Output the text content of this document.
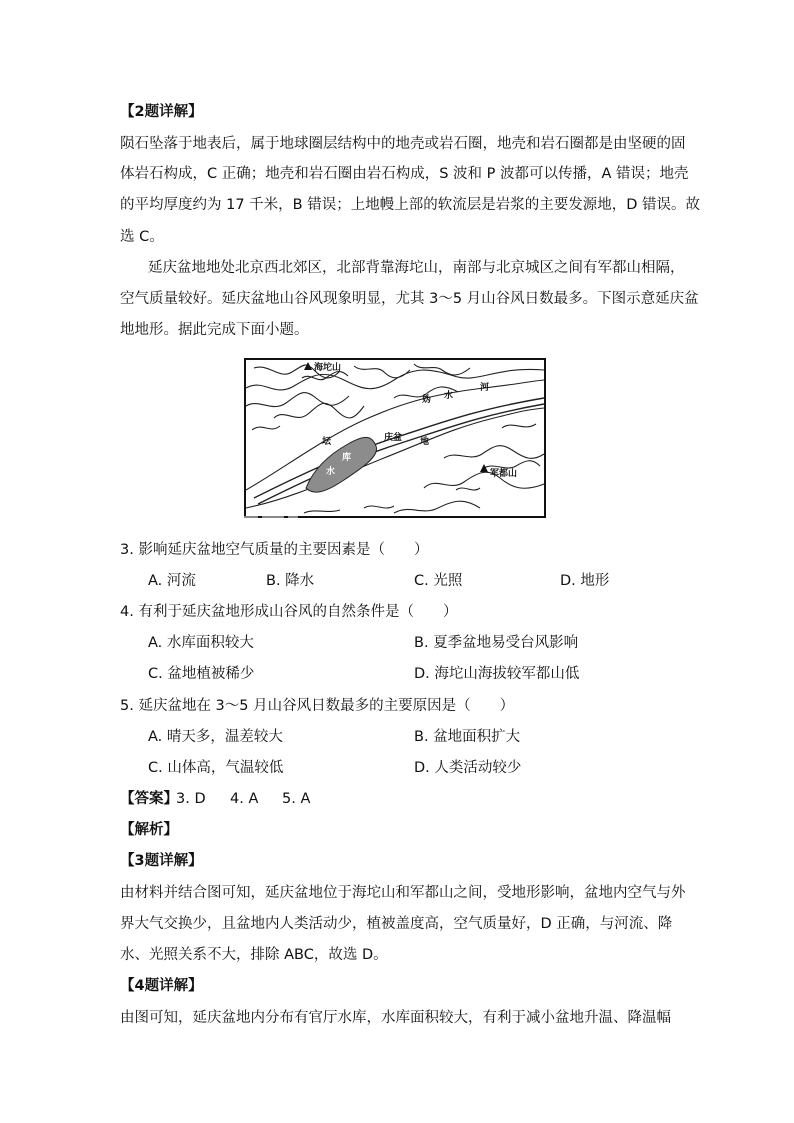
【2题详解】
陨石坠落于地表后，属于地球圈层结构中的地壳或岩石圈，地壳和岩石圈都是由坚硬的固
体岩石构成，C 正确；地壳和岩石圈由岩石构成，S 波和 P 波都可以传播，A 错误；地壳
的平均厚度约为 17 千米，B 错误；上地幔上部的软流层是岩浆的主要发源地，D 错误。故
选 C。
延庆盆地地处北京西北郊区，北部背靠海坨山，南部与北京城区之间有军都山相隔，
空气质量较好。延庆盆地山谷风现象明显，尤其 3～5 月山谷风日数最多。下图示意延庆盆
地地形。据此完成下面小题。
海坨山
妫 水
河
庆盆 地
坛
库
水	军都山
3. 影响延庆盆地空气质量的主要因素是（　　）
A. 河流	B. 降水	C. 光照	D. 地形
4. 有利于延庆盆地形成山谷风的自然条件是（　　）
A. 水库面积较大	B. 夏季盆地易受台风影响
C. 盆地植被稀少	D. 海坨山海拔较军都山低
5. 延庆盆地在 3～5 月山谷风日数最多的主要原因是（　　）
A. 晴天多，温差较大	B. 盆地面积扩大
C. 山体高，气温较低	D. 人类活动较少
【答案】
3. D 4. A 5. A
【解析】
【3题详解】
由材料并结合图可知，延庆盆地位于海坨山和军都山之间，受地形影响，盆地内空气与外
界大气交换少，且盆地内人类活动少，植被盖度高，空气质量好，D 正确，与河流、降
水、光照关系不大，排除 ABC，故选 D。
【4题详解】
由图可知，延庆盆地内分布有官厅水库，水库面积较大，有利于减小盆地升温、降温幅
